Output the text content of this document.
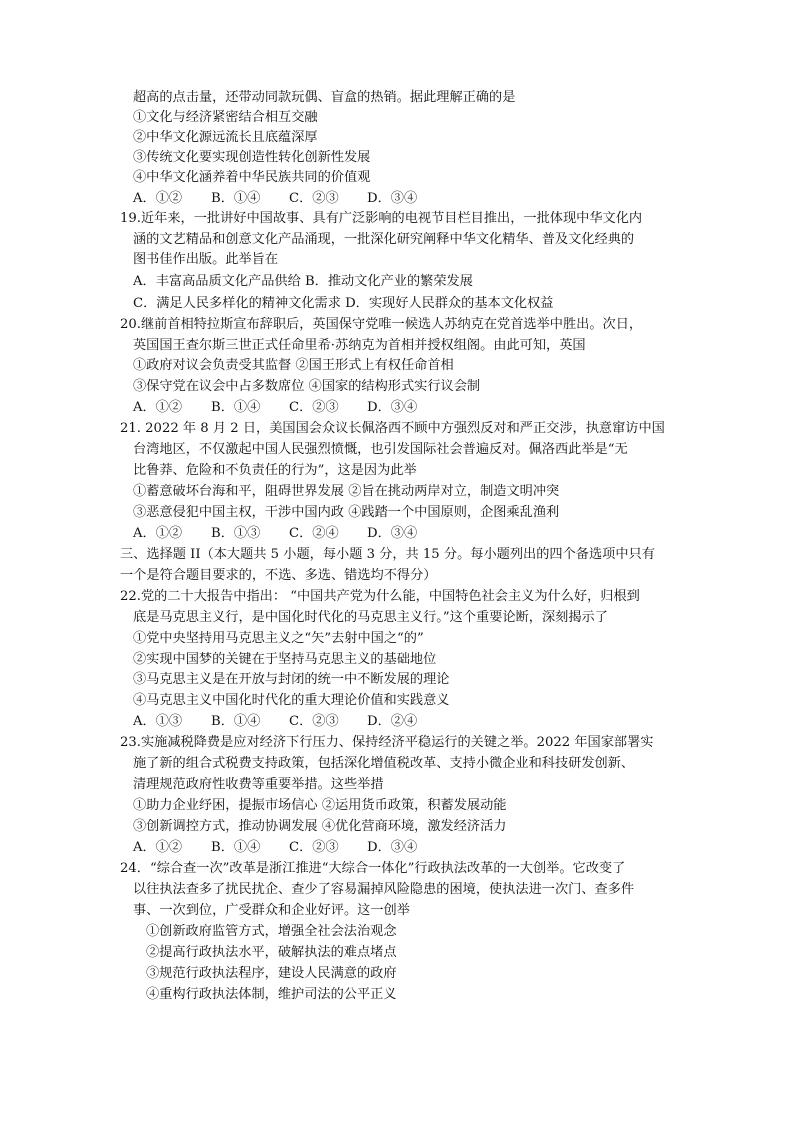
超高的点击量，还带动同款玩偶、盲盒的热销。据此理解正确的是
①文化与经济紧密结合相互交融
②中华文化源远流长且底蕴深厚
③传统文化要实现创造性转化创新性发展
④中华文化涵养着中华民族共同的价值观
A．①② B．①④ C．②③ D．③④
19.近年来，一批讲好中国故事、具有广泛影响的电视节目栏目推出，一批体现中华文化内
涵的文艺精品和创意文化产品涌现，一批深化研究阐释中华文化精华、普及文化经典的
图书佳作出版。此举旨在
A．丰富高品质文化产品供给 B．推动文化产业的繁荣发展
C．满足人民多样化的精神文化需求 D．实现好人民群众的基本文化权益
20.继前首相特拉斯宣布辞职后，英国保守党唯一候选人苏纳克在党首选举中胜出。次日，
英国国王查尔斯三世正式任命里希·苏纳克为首相并授权组阁。由此可知，英国
①政府对议会负责受其监督 ②国王形式上有权任命首相
③保守党在议会中占多数席位 ④国家的结构形式实行议会制
A．①② B．①④ C．②③ D．③④
21. 2022 年 8 月 2 日，美国国会众议长佩洛西不顾中方强烈反对和严正交涉，执意窜访中国
台湾地区，不仅激起中国人民强烈愤慨，也引发国际社会普遍反对。佩洛西此举是“无
比鲁莽、危险和不负责任的行为”，这是因为此举
①蓄意破坏台海和平，阻碍世界发展 ②旨在挑动两岸对立，制造文明冲突
③恶意侵犯中国主权，干涉中国内政 ④践踏一个中国原则，企图乘乱渔利
A．①② B．①③ C．②④ D．③④
三、选择题 II（本大题共 5 小题，每小题 3 分，共 15 分。每小题列出的四个备选项中只有
一个是符合题目要求的，不选、多选、错选均不得分）
22.党的二十大报告中指出： “中国共产党为什么能，中国特色社会主义为什么好，归根到
底是马克思主义行，是中国化时代化的马克思主义行。”这个重要论断，深刻揭示了
①党中央坚持用马克思主义之“矢”去射中国之“的”
②实现中国梦的关键在于坚持马克思主义的基础地位
③马克思主义是在开放与封闭的统一中不断发展的理论
④马克思主义中国化时代化的重大理论价值和实践意义
A．①③ B．①④ C．②③ D．②④
23.实施减税降费是应对经济下行压力、保持经济平稳运行的关键之举。2022 年国家部署实
施了新的组合式税费支持政策，包括深化增值税改革、支持小微企业和科技研发创新、
清理规范政府性收费等重要举措。这些举措
①助力企业纾困，提振市场信心 ②运用货币政策，积蓄发展动能
③创新调控方式，推动协调发展 ④优化营商环境，激发经济活力
A．①② B．①④ C．②③ D．③④
24．“综合查一次”改革是浙江推进“大综合一体化”行政执法改革的一大创举。它改变了
以往执法查多了扰民扰企、查少了容易漏掉风险隐患的困境，使执法进一次门、查多件
事、一次到位，广受群众和企业好评。这一创举
①创新政府监管方式，增强全社会法治观念
②提高行政执法水平，破解执法的难点堵点
③规范行政执法程序，建设人民满意的政府
④重构行政执法体制，维护司法的公平正义
